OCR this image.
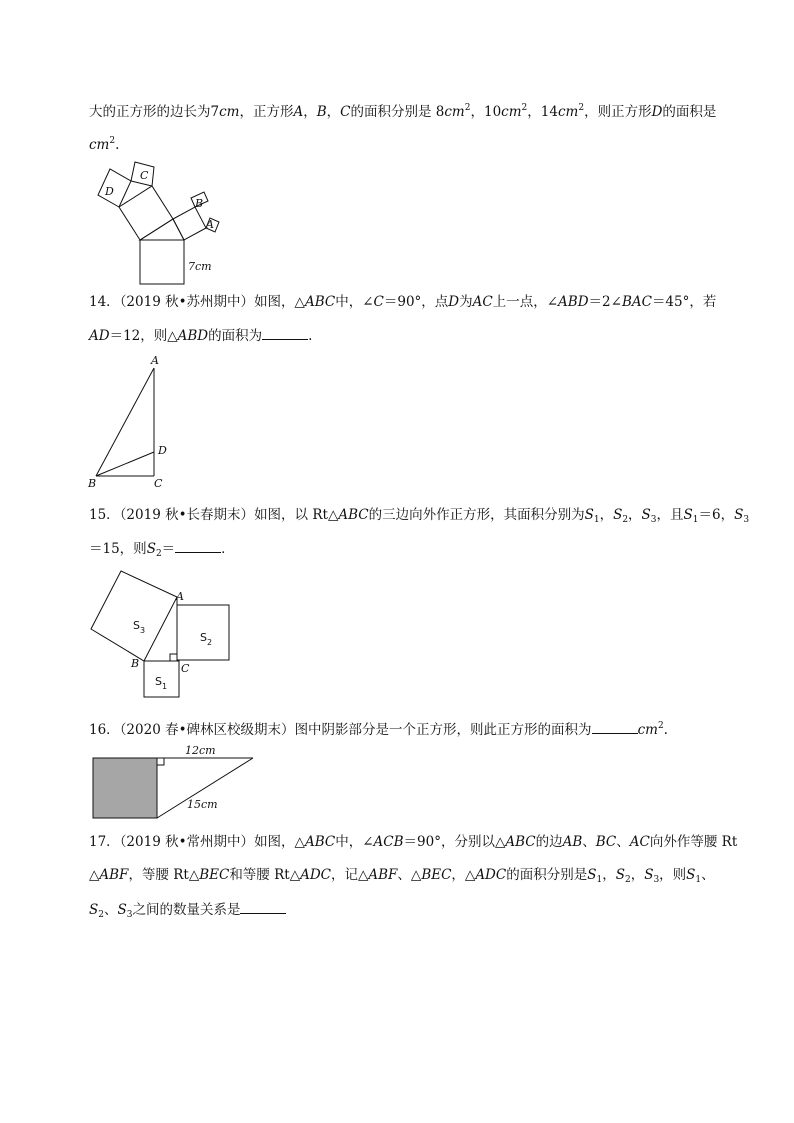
大的正方形的边长为7cm，正方形A，B，C的面积分别是 $8cm^2$，$10cm^2$，$14cm^2$，则正方形D的面积是
$cm^2$.
C
D
B
A
7cm
14．（2019 秋•苏州期中）如图，△ABC中，∠C＝90°，点D为AC上一点，∠ABD＝2∠BAC＝45°，若
AD＝12，则△ABD的面积为	.
A
D
B	C
15．（2019 秋•长春期末）如图，以 Rt△ABC的三边向外作正方形，其面积分别为$S_1$，$S_2$，$S_3$，且$S_1=6$，$S_3$
＝15，则$S_2=$	．
$S_3$
$S_2$
$S_1$
A
B	C
16．（2020 春•碑林区校级期末）图中阴影部分是一个正方形，则此正方形的面积为	$cm^2$.
12cm
15cm
17．（2019 秋•常州期中）如图，△ABC中，∠ACB＝90°，分别以△ABC的边AB、BC、AC向外作等腰 Rt
△ABF，等腰 Rt△BEC和等腰 Rt△ADC，记△ABF、△BEC，△ADC的面积分别是$S_1$，$S_2$，$S_3$，则$S_1$、
$S_2$、$S_3$之间的数量关系是
